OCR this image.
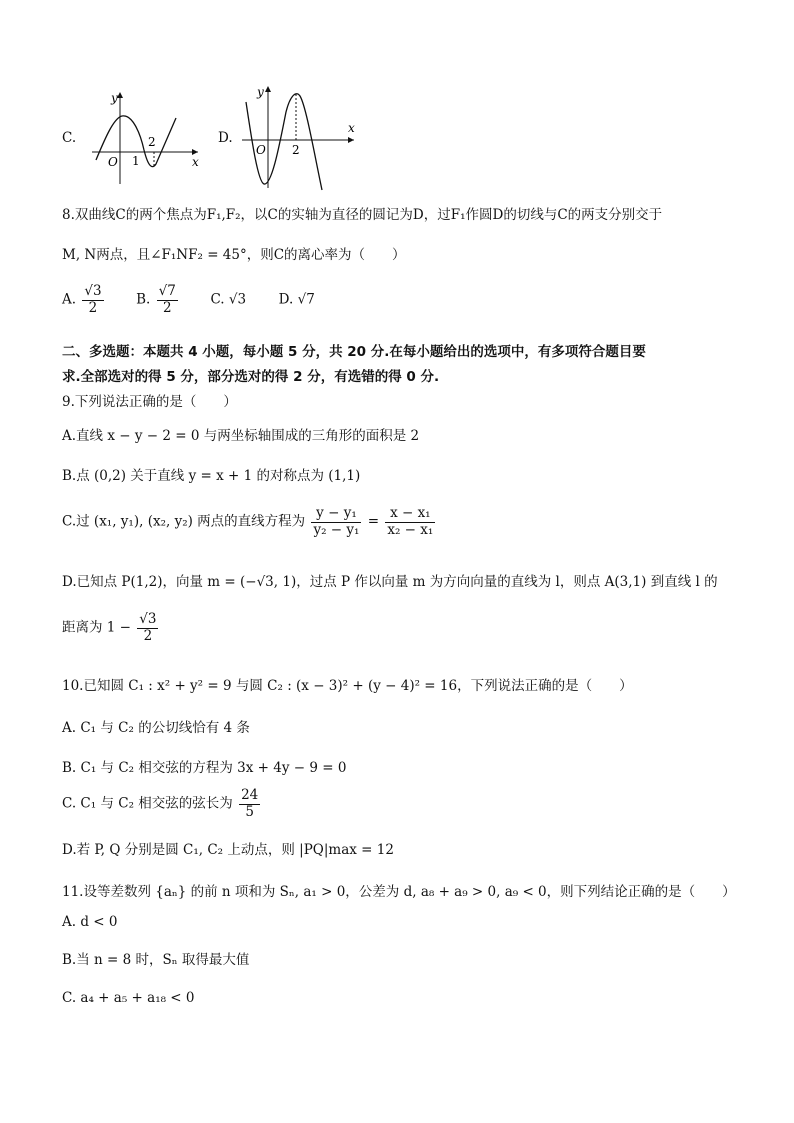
C.
y
x
O 1
2	D.
y
x
O 2
8.双曲线C的两个焦点为F₁,F₂，以C的实轴为直径的圆记为D，过F₁作圆D的切线与C的两支分别交于
M, N两点，且∠F₁NF₂ = 45°，则C的离心率为（　　）
A. $\frac{√3}{2} B$. $\frac{√7}{2} C$. √3 D. √7
二、多选题：本题共 4 小题，每小题 5 分，共 20 分.在每小题给出的选项中，有多项符合题目要
求.全部选对的得 5 分，部分选对的得 2 分，有选错的得 0 分.
9.下列说法正确的是（　　）
A.直线 x − y − 2 = 0 与两坐标轴围成的三角形的面积是 2
B.点 (0,2) 关于直线 y = x + 1 的对称点为 (1,1)
C.过 (x₁, y₁), (x₂, y₂) 两点的直线方程为 $\frac{\text{y − y₁}}{\text{y₂ − y₁}} = \frac{\text{x − x₁}}{\text{x₂ − x₁}}$
D.已知点 P(1,2)，向量 m = (−√3, 1)，过点 P 作以向量 m 为方向向量的直线为 l，则点 A(3,1) 到直线 l 的
距离为 $1 - \frac{√3}{2}$
10.已知圆 C₁ : x² + y² = 9 与圆 C₂ : (x − 3)² + (y − 4)² = 16，下列说法正确的是（　　）
A. C₁ 与 C₂ 的公切线恰有 4 条
B. C₁ 与 C₂ 相交弦的方程为 3x + 4y − 9 = 0
C. C₁ 与 C₂ 相交弦的弦长为 $\frac{24}{5}$
D.若 P, Q 分别是圆 C₁, C₂ 上动点，则 |PQ|max = 12
11.设等差数列 {aₙ} 的前 n 项和为 Sₙ, a₁ > 0，公差为 d, a₈ + a₉ > 0, a₉ < 0，则下列结论正确的是（　　）
A. d < 0
B.当 n = 8 时，Sₙ 取得最大值
C. a₄ + a₅ + a₁₈ < 0
